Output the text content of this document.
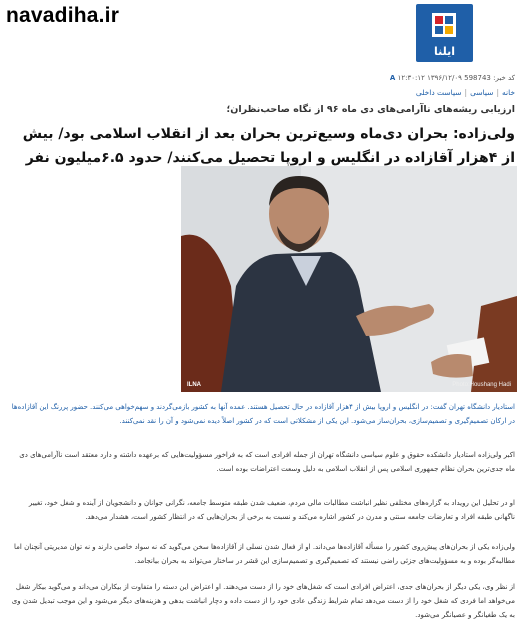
navadiha.ir
ایلنا
کد خبر: 598743 ۱۳۹۶/۱۲/۰۹ ۱۲:۳۰:۱۲ A
خانه|سیاسی|سیاست داخلی
ارزیابی ریشه‌های ناآرامی‌های دی ماه ۹۶ از نگاه صاحب‌نظران؛
ولی‌زاده: بحران دی‌ماه وسیع‌ترین بحران بعد از انقلاب اسلامی بود/ بیش از ۴هزار آقازاده در انگلیس و اروپا تحصیل می‌کنند/ حدود ۶.۵میلیون نفر
ILNA	Photo:Houshang Hadi
استادیار دانشگاه تهران گفت: در انگلیس و اروپا بیش از ۴هزار آقازاده در حال تحصیل هستند. عمده آنها به کشور بازمی‌گردند و سهم‌خواهی می‌کنند. حضور پررنگ این آقازاده‌ها در ارکان تصمیم‌گیری و تصمیم‌سازی، بحران‌ساز می‌شود. این یکی از مشکلاتی است که در کشور اصلاً دیده نمی‌شود و آن را نقد نمی‌کنند.
اکبر ولی‌زاده استادیار دانشکده حقوق و علوم سیاسی دانشگاه تهران از جمله افرادی است که به فراخور مسؤولیت‌هایی که برعهده داشته و دارد معتقد است ناآرامی‌های دی ماه جدی‌ترین بحران نظام جمهوری اسلامی پس از انقلاب اسلامی به دلیل وسعت اعتراضات بوده است.
او در تحلیل این رویداد به گزاره‌های مختلفی نظیر انباشت مطالبات مالی مردم، ضعیف شدن طبقه متوسط جامعه، نگرانی جوانان و دانشجویان از آینده و شغل خود، تغییر ناگهانی طبقه افراد و تعارضات جامعه سنتی و مدرن در کشور اشاره می‌کند و نسبت به برخی از بحران‌هایی که در انتظار کشور است، هشدار می‌دهد.
ولی‌زاده یکی از بحران‌های پیش‌روی کشور را مسأله آقازاده‌ها می‌داند. او از فعال شدن نسلی از آقازاده‌ها سخن می‌گوید که نه سواد خاصی دارند و نه توان مدیریتی آنچنان اما مطالبه‌گر بوده و به مسؤولیت‌های جزئی راضی نیستند که تصمیم‌گیری و تصمیم‌سازی این قشر در ساختار می‌تواند به بحران بیانجامد.
از نظر وی، یکی دیگر از بحران‌های جدی، اعتراض افرادی است که شغل‌های خود را از دست می‌دهند. او اعتراض این دسته را متفاوت از بیکاران می‌داند و می‌گوید بیکار شغل می‌خواهد اما فردی که شغل خود را از دست می‌دهد تمام شرایط زندگی عادی خود را از دست داده و دچار انباشت بدهی و هزینه‌های دیگر می‌شود و این موجب تبدیل شدن وی به یک طغیانگر و عصیانگر می‌شود.
